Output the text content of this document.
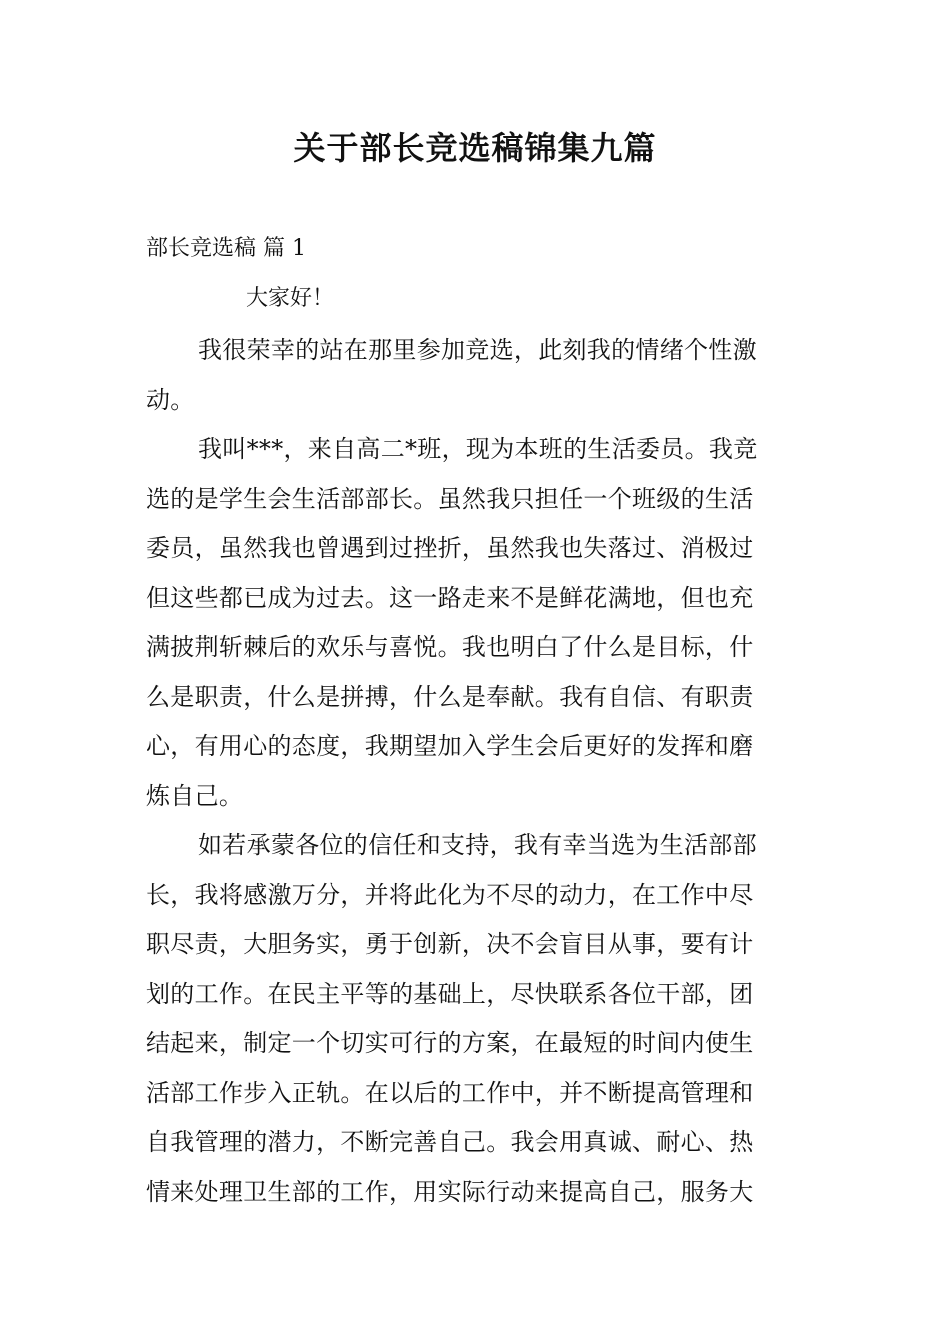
关于部长竞选稿锦集九篇
部长竞选稿 篇 1
大家好！
我很荣幸的站在那里参加竞选，此刻我的情绪个性激
动。
我叫***，来自高二*班，现为本班的生活委员。我竞
选的是学生会生活部部长。虽然我只担任一个班级的生活
委员，虽然我也曾遇到过挫折，虽然我也失落过、消极过
但这些都已成为过去。这一路走来不是鲜花满地，但也充
满披荆斩棘后的欢乐与喜悦。我也明白了什么是目标，什
么是职责，什么是拼搏，什么是奉献。我有自信、有职责
心，有用心的态度，我期望加入学生会后更好的发挥和磨
炼自己。
如若承蒙各位的信任和支持，我有幸当选为生活部部
长，我将感激万分，并将此化为不尽的动力，在工作中尽
职尽责，大胆务实，勇于创新，决不会盲目从事，要有计
划的工作。在民主平等的基础上，尽快联系各位干部，团
结起来，制定一个切实可行的方案，在最短的时间内使生
活部工作步入正轨。在以后的工作中，并不断提高管理和
自我管理的潜力，不断完善自己。我会用真诚、耐心、热
情来处理卫生部的工作，用实际行动来提高自己，服务大
